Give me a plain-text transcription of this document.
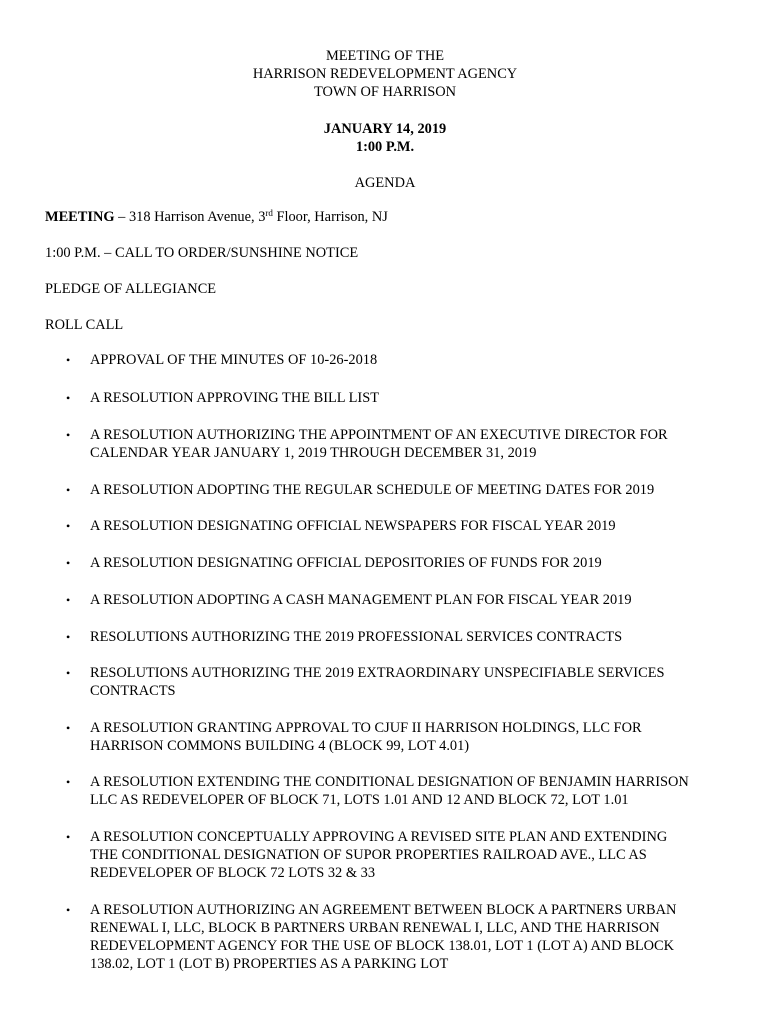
MEETING OF THE
HARRISON REDEVELOPMENT AGENCY
TOWN OF HARRISON
JANUARY 14, 2019
1:00 P.M.
AGENDA
MEETING – 318 Harrison Avenue, 3rd Floor, Harrison, NJ
1:00 P.M. – CALL TO ORDER/SUNSHINE NOTICE
PLEDGE OF ALLEGIANCE
ROLL CALL
• APPROVAL OF THE MINUTES OF 10-26-2018
• A RESOLUTION APPROVING THE BILL LIST
• A RESOLUTION AUTHORIZING THE APPOINTMENT OF AN EXECUTIVE DIRECTOR FOR
CALENDAR YEAR JANUARY 1, 2019 THROUGH DECEMBER 31, 2019
• A RESOLUTION ADOPTING THE REGULAR SCHEDULE OF MEETING DATES FOR 2019
• A RESOLUTION DESIGNATING OFFICIAL NEWSPAPERS FOR FISCAL YEAR 2019
• A RESOLUTION DESIGNATING OFFICIAL DEPOSITORIES OF FUNDS FOR 2019
• A RESOLUTION ADOPTING A CASH MANAGEMENT PLAN FOR FISCAL YEAR 2019
• RESOLUTIONS AUTHORIZING THE 2019 PROFESSIONAL SERVICES CONTRACTS
• RESOLUTIONS AUTHORIZING THE 2019 EXTRAORDINARY UNSPECIFIABLE SERVICES
CONTRACTS
• A RESOLUTION GRANTING APPROVAL TO CJUF II HARRISON HOLDINGS, LLC FOR
HARRISON COMMONS BUILDING 4 (BLOCK 99, LOT 4.01)
• A RESOLUTION EXTENDING THE CONDITIONAL DESIGNATION OF BENJAMIN HARRISON
LLC AS REDEVELOPER OF BLOCK 71, LOTS 1.01 AND 12 AND BLOCK 72, LOT 1.01
• A RESOLUTION CONCEPTUALLY APPROVING A REVISED SITE PLAN AND EXTENDING
THE CONDITIONAL DESIGNATION OF SUPOR PROPERTIES RAILROAD AVE., LLC AS
REDEVELOPER OF BLOCK 72 LOTS 32 & 33
• A RESOLUTION AUTHORIZING AN AGREEMENT BETWEEN BLOCK A PARTNERS URBAN
RENEWAL I, LLC, BLOCK B PARTNERS URBAN RENEWAL I, LLC, AND THE HARRISON
REDEVELOPMENT AGENCY FOR THE USE OF BLOCK 138.01, LOT 1 (LOT A) AND BLOCK
138.02, LOT 1 (LOT B) PROPERTIES AS A PARKING LOT
